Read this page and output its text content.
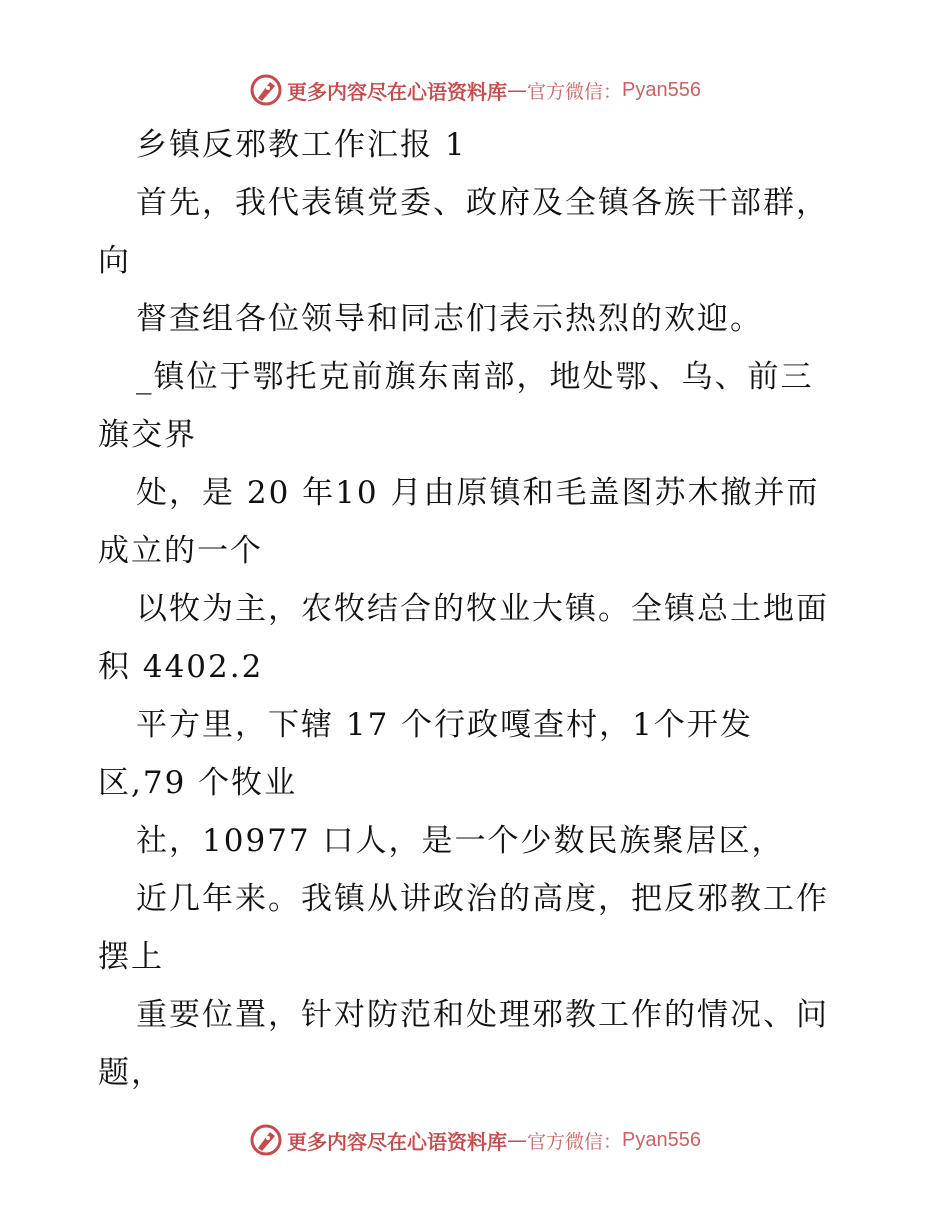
更多内容尽在心语资料库 — 官方微信： Pyan556
乡镇反邪教工作汇报 1
首先，我代表镇党委、政府及全镇各族干部群，
向
督查组各位领导和同志们表示热烈的欢迎。
_镇位于鄂托克前旗东南部，地处鄂、乌、前三
旗交界
处，是 20 年10 月由原镇和毛盖图苏木撤并而
成立的一个
以牧为主，农牧结合的牧业大镇。全镇总土地面
积 4402.2
平方里，下辖 17 个行政嘎查村，1个开发
区,79 个牧业
社，10977 口人，是一个少数民族聚居区，
近几年来。我镇从讲政治的高度，把反邪教工作
摆上
重要位置，针对防范和处理邪教工作的情况、问
题，
更多内容尽在心语资料库 — 官方微信： Pyan556
